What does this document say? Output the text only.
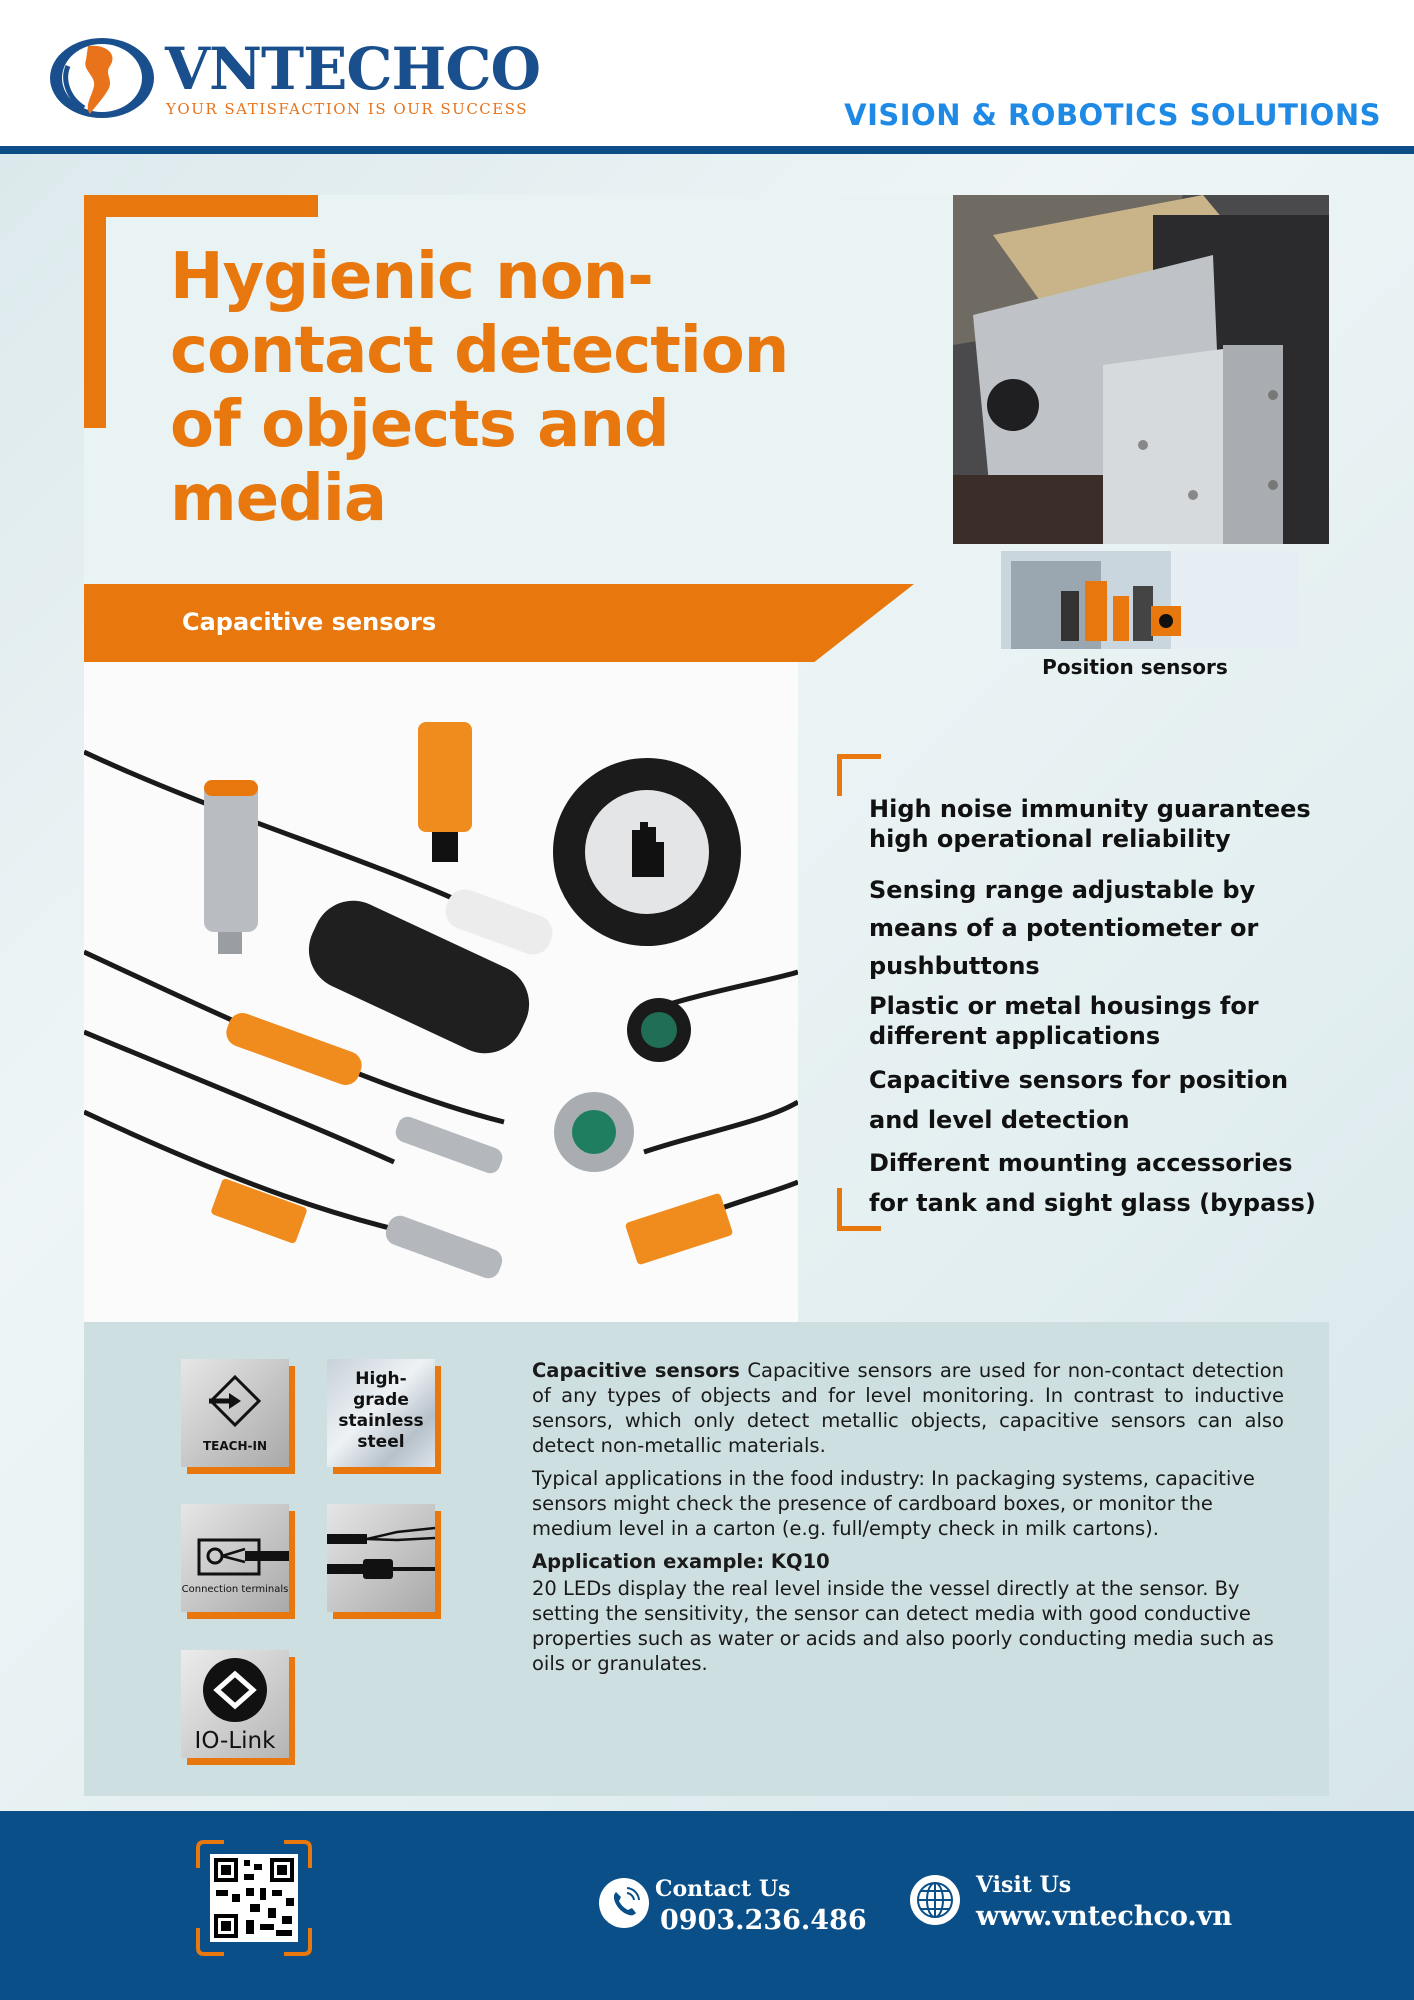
VNTECHCO
YOUR SATISFACTION IS OUR SUCCESS	VISION & ROBOTICS SOLUTIONS
Hygienic non-contact detection of objects and media
Capacitive sensors
Position sensors
High noise immunity guarantees high operational reliability
Sensing range adjustable by means of a potentiometer or pushbuttons
Plastic or metal housings for different applications
Capacitive sensors for position and level detection
Different mounting accessories for tank and sight glass (bypass)
TEACH-IN
High-grade stainless steel
Connection terminals
IO-Link

Capacitive sensors Capacitive sensors are used for non-contact detection of any types of objects and for level monitoring. In contrast to inductive sensors, which only detect metallic objects, capacitive sensors can also detect non-metallic materials.

Typical applications in the food industry: In packaging systems, capacitive sensors might check the presence of cardboard boxes, or monitor the medium level in a carton (e.g. full/empty check in milk cartons).

Application example: KQ10

20 LEDs display the real level inside the vessel directly at the sensor. By setting the sensitivity, the sensor can detect media with good conductive properties such as water or acids and also poorly conducting media such as oils or granulates.

Contact Us
0903.236.486
Visit Us
www.vntechco.vn
